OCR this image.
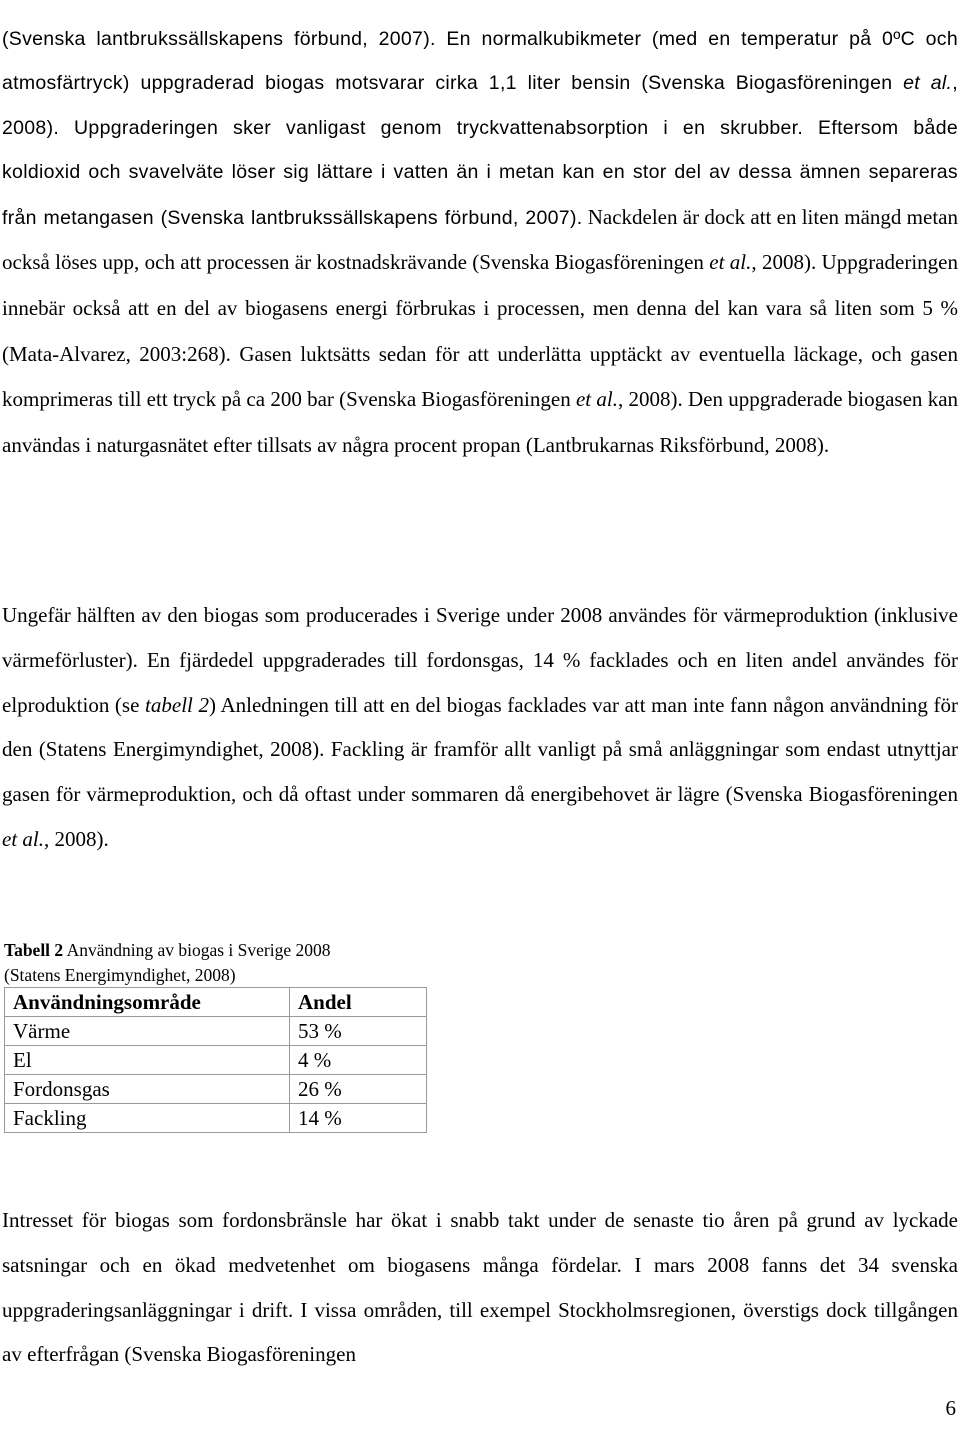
(Svenska lantbrukssällskapens förbund, 2007). En normalkubikmeter (med en temperatur på 0ºC och atmosfärtryck) uppgraderad biogas motsvarar cirka 1,1 liter bensin (Svenska Biogasföreningen et al., 2008). Uppgraderingen sker vanligast genom tryckvattenabsorption i en skrubber. Eftersom både koldioxid och svavelväte löser sig lättare i vatten än i metan kan en stor del av dessa ämnen separeras från metangasen (Svenska lantbrukssällskapens förbund, 2007). Nackdelen är dock att en liten mängd metan också löses upp, och att processen är kostnadskrävande (Svenska Biogasföreningen et al., 2008). Uppgraderingen innebär också att en del av biogasens energi förbrukas i processen, men denna del kan vara så liten som 5 % (Mata-Alvarez, 2003:268). Gasen luktsätts sedan för att underlätta upptäckt av eventuella läckage, och gasen komprimeras till ett tryck på ca 200 bar (Svenska Biogasföreningen et al., 2008). Den uppgraderade biogasen kan användas i naturgasnätet efter tillsats av några procent propan (Lantbrukarnas Riksförbund, 2008).

Ungefär hälften av den biogas som producerades i Sverige under 2008 användes för värmeproduktion (inklusive värmeförluster). En fjärdedel uppgraderades till fordonsgas, 14 % facklades och en liten andel användes för elproduktion (se tabell 2) Anledningen till att en del biogas facklades var att man inte fann någon användning för den (Statens Energimyndighet, 2008). Fackling är framför allt vanligt på små anläggningar som endast utnyttjar gasen för värmeproduktion, och då oftast under sommaren då energibehovet är lägre (Svenska Biogasföreningen et al., 2008).

Tabell 2 Användning av biogas i Sverige 2008
(Statens Energimyndighet, 2008)
Användningsområde	Andel
Värme	53 %
El	4 %
Fordonsgas	26 %
Fackling	14 %

Intresset för biogas som fordonsbränsle har ökat i snabb takt under de senaste tio åren på grund av lyckade satsningar och en ökad medvetenhet om biogasens många fördelar. I mars 2008 fanns det 34 svenska uppgraderingsanläggningar i drift. I vissa områden, till exempel Stockholmsregionen, överstigs dock tillgången av efterfrågan (Svenska Biogasföreningen

6
